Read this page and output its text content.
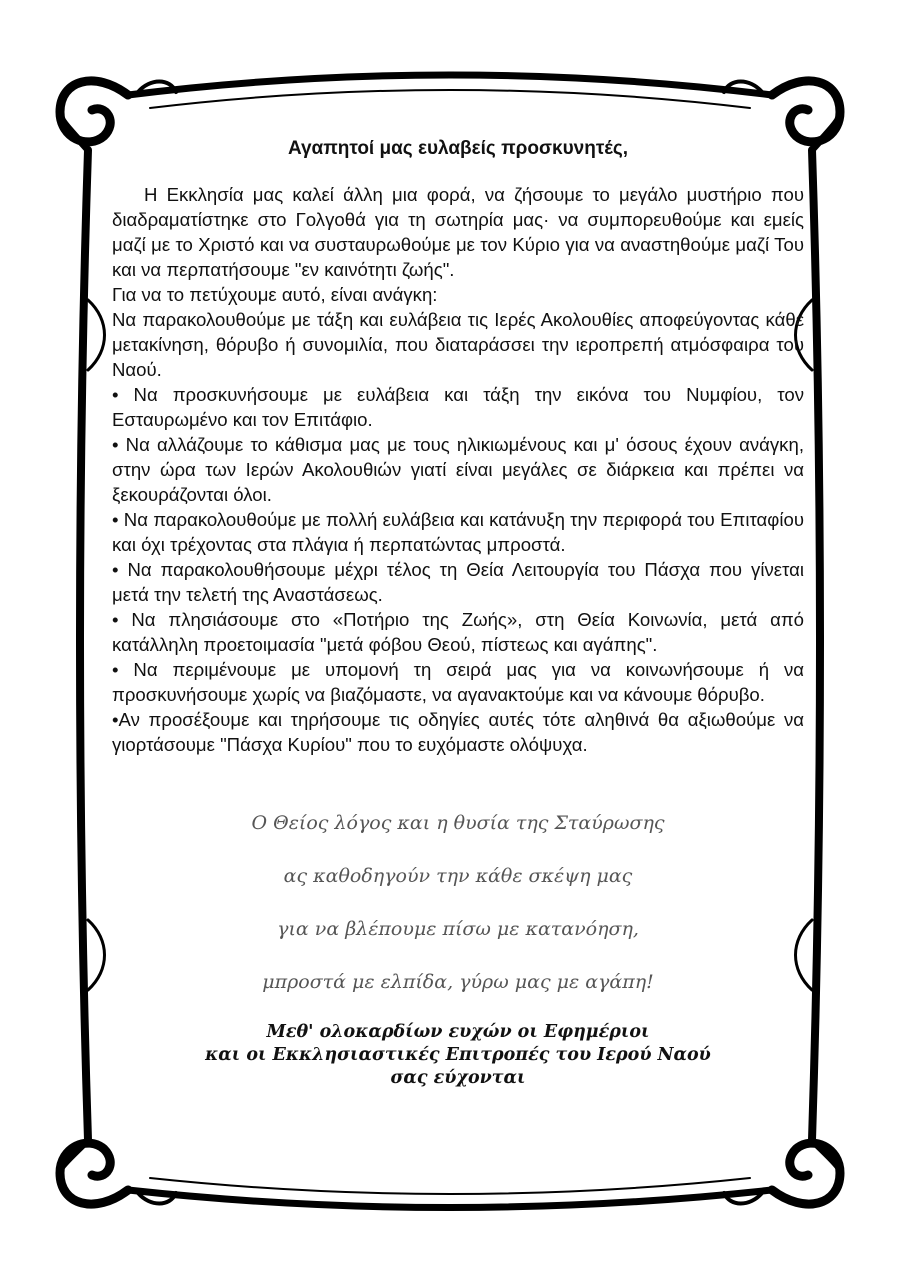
Αγαπητοί μας ευλαβείς προσκυνητές,

Η Εκκλησία μας καλεί άλλη μια φορά, να ζήσουμε το μεγάλο μυστήριο που διαδραματίστηκε στο Γολγοθά για τη σωτηρία μας· να συμπορευθούμε και εμείς μαζί με το Χριστό και να συσταυρωθούμε με τον Κύριο για να αναστηθούμε μαζί Του και να περπατήσουμε "εν καινότητι ζωής".

Για να το πετύχουμε αυτό, είναι ανάγκη:

Να παρακολουθούμε με τάξη και ευλάβεια τις Ιερές Ακολουθίες αποφεύγοντας κάθε μετακίνηση, θόρυβο ή συνομιλία, που διαταράσσει την ιεροπρεπή ατμόσφαιρα του Ναού.

• Να προσκυνήσουμε με ευλάβεια και τάξη την εικόνα του Νυμφίου, τον Εσταυρωμένο και τον Επιτάφιο.

• Να αλλάζουμε το κάθισμα μας με τους ηλικιωμένους και μ' όσους έχουν ανάγκη, στην ώρα των Ιερών Ακολουθιών γιατί είναι μεγάλες σε διάρκεια και πρέπει να ξεκουράζονται όλοι.

• Να παρακολουθούμε με πολλή ευλάβεια και κατάνυξη την περιφορά του Επιταφίου και όχι τρέχοντας στα πλάγια ή περπατώντας μπροστά.

• Να παρακολουθήσουμε μέχρι τέλος τη Θεία Λειτουργία του Πάσχα που γίνεται μετά την τελετή της Αναστάσεως.

• Να πλησιάσουμε στο «Ποτήριο της Ζωής», στη Θεία Κοινωνία, μετά από κατάλληλη προετοιμασία "μετά φόβου Θεού, πίστεως και αγάπης".

• Να περιμένουμε με υπομονή τη σειρά μας για να κοινωνήσουμε ή να προσκυνήσουμε χωρίς να βιαζόμαστε, να αγανακτούμε και να κάνουμε θόρυβο.

•Αν προσέξουμε και τηρήσουμε τις οδηγίες αυτές τότε αληθινά θα αξιωθούμε να γιορτάσουμε "Πάσχα Κυρίου" που το ευχόμαστε ολόψυχα.

Ο Θείος λόγος και η θυσία της Σταύρωσης
ας καθοδηγούν την κάθε σκέψη μας
για να βλέπουμε πίσω με κατανόηση,
μπροστά με ελπίδα, γύρω μας με αγάπη!
Μεθ' ολοκαρδίων ευχών οι Εφημέριοι
και οι Εκκλησιαστικές Επιτροπές του Ιερού Ναού
σας εύχονται
